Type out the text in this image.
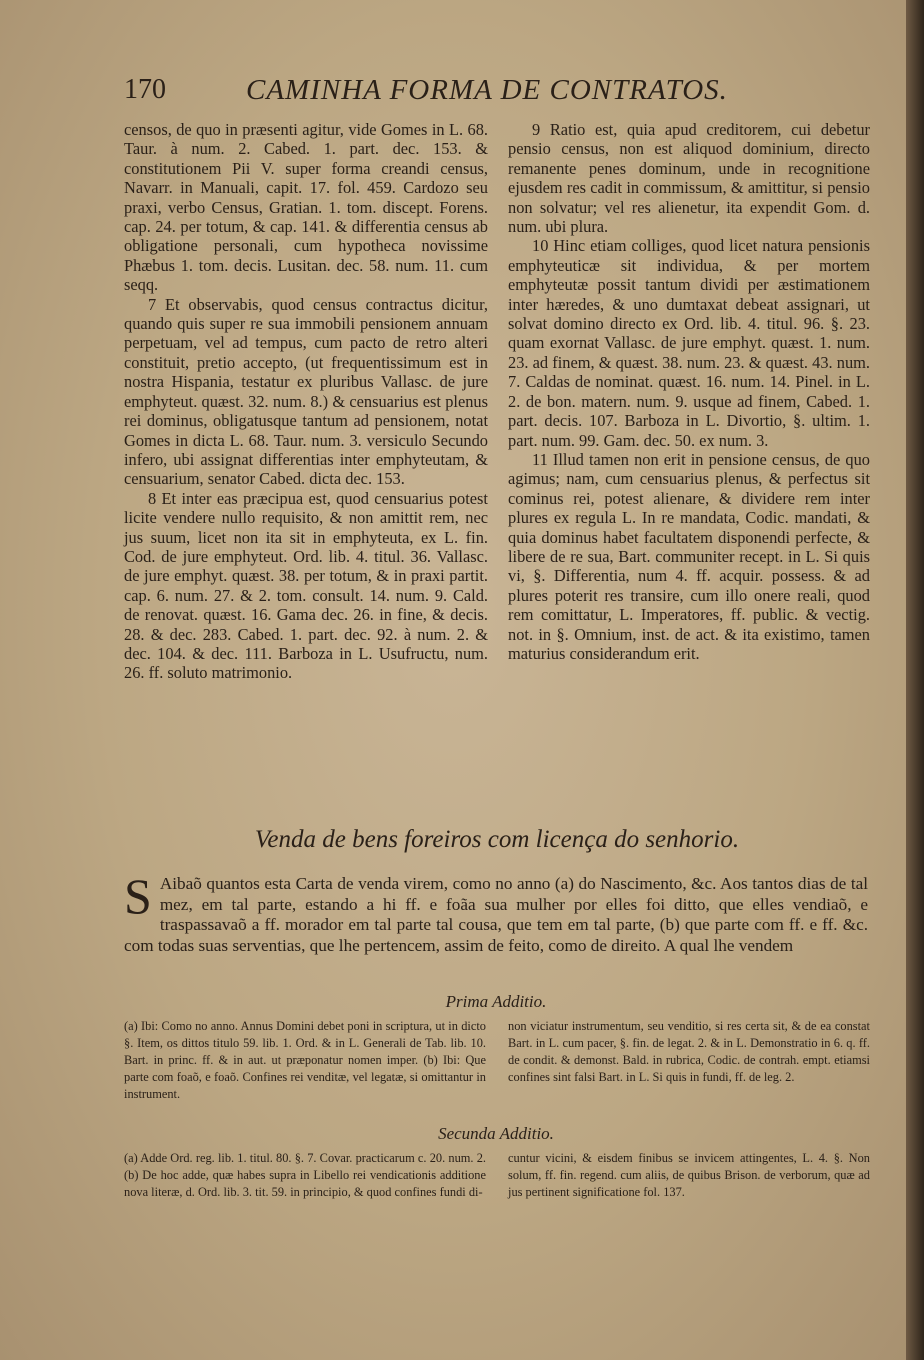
170	CAMINHA FORMA DE CONTRATOS.

censos, de quo in præsenti agitur, vide Gomes in L. 68. Taur. à num. 2. Cabed. 1. part. dec. 153. & constitutionem Pii V. super forma creandi census, Navarr. in Manuali, capit. 17. fol. 459. Cardozo seu praxi, verbo Census, Gratian. 1. tom. discept. Forens. cap. 24. per totum, & cap. 141. & differentia census ab obligatione personali, cum hypotheca novissime Phæbus 1. tom. decis. Lusitan. dec. 58. num. 11. cum seqq.

7 Et observabis, quod census contractus dicitur, quando quis super re sua immobili pensionem annuam perpetuam, vel ad tempus, cum pacto de retro alteri constituit, pretio accepto, (ut frequentissimum est in nostra Hispania, testatur ex pluribus Vallasc. de jure emphyteut. quæst. 32. num. 8.) & censuarius est plenus rei dominus, obligatusque tantum ad pensionem, notat Gomes in dicta L. 68. Taur. num. 3. versiculo Secundo infero, ubi assignat differentias inter emphyteutam, & censuarium, senator Cabed. dicta dec. 153.

8 Et inter eas præcipua est, quod censuarius potest licite vendere nullo requisito, & non amittit rem, nec jus suum, licet non ita sit in emphyteuta, ex L. fin. Cod. de jure emphyteut. Ord. lib. 4. titul. 36. Vallasc. de jure emphyt. quæst. 38. per totum, & in praxi partit. cap. 6. num. 27. & 2. tom. consult. 14. num. 9. Cald. de renovat. quæst. 16. Gama dec. 26. in fine, & decis. 28. & dec. 283. Cabed. 1. part. dec. 92. à num. 2. & dec. 104. & dec. 111. Barboza in L. Usufructu, num. 26. ff. soluto matrimonio.

9 Ratio est, quia apud creditorem, cui debetur pensio census, non est aliquod dominium, directo remanente penes dominum, unde in recognitione ejusdem res cadit in commissum, & amittitur, si pensio non solvatur; vel res alienetur, ita expendit Gom. d. num. ubi plura.

10 Hinc etiam colliges, quod licet natura pensionis emphyteuticæ sit individua, & per mortem emphyteutæ possit tantum dividi per æstimationem inter hæredes, & uno dumtaxat debeat assignari, ut solvat domino directo ex Ord. lib. 4. titul. 96. §. 23. quam exornat Vallasc. de jure emphyt. quæst. 1. num. 23. ad finem, & quæst. 38. num. 23. & quæst. 43. num. 7. Caldas de nominat. quæst. 16. num. 14. Pinel. in L. 2. de bon. matern. num. 9. usque ad finem, Cabed. 1. part. decis. 107. Barboza in L. Divortio, §. ultim. 1. part. num. 99. Gam. dec. 50. ex num. 3.

11 Illud tamen non erit in pensione census, de quo agimus; nam, cum censuarius plenus, & perfectus sit cominus rei, potest alienare, & dividere rem inter plures ex regula L. In re mandata, Codic. mandati, & quia dominus habet facultatem disponendi perfecte, & libere de re sua, Bart. communiter recept. in L. Si quis vi, §. Differentia, num 4. ff. acquir. possess. & ad plures poterit res transire, cum illo onere reali, quod rem comittatur, L. Imperatores, ff. public. & vectig. not. in §. Omnium, inst. de act. & ita existimo, tamen maturius considerandum erit.

Venda de bens foreiros com licença do senhorio.
S Aibaõ quantos esta Carta de venda virem, como no anno (a) do Nascimento, &c. Aos tantos dias de tal mez, em tal parte, estando a hi ff. e foãa sua mulher por elles foi ditto, que elles vendiaõ, e traspassavaõ a ff. morador em tal parte tal cousa, que tem em tal parte, (b) que parte com ff. e ff. &c. com todas suas serventias, que lhe pertencem, assim de feito, como de direito. A qual lhe vendem
Prima Additio.

(a) Ibi: Como no anno. Annus Domini debet poni in scriptura, ut in dicto §. Item, os dittos titulo 59. lib. 1. Ord. & in L. Generali de Tab. lib. 10. Bart. in princ. ff. & in aut. ut præponatur nomen imper. (b) Ibi: Que parte com foaõ, e foaõ. Confines rei venditæ, vel legatæ, si omittantur in instrument.

non viciatur instrumentum, seu venditio, si res certa sit, & de ea constat Bart. in L. cum pacer, §. fin. de legat. 2. & in L. Demonstratio in 6. q. ff. de condit. & demonst. Bald. in rubrica, Codic. de contrah. empt. etiamsi confines sint falsi Bart. in L. Si quis in fundi, ff. de leg. 2.

Secunda Additio.

(a) Adde Ord. reg. lib. 1. titul. 80. §. 7. Covar. practicarum c. 20. num. 2. (b) De hoc adde, quæ habes supra in Libello rei vendicationis additione nova literæ, d. Ord. lib. 3. tit. 59. in principio, & quod confines fundi di-

cuntur vicini, & eisdem finibus se invicem attingentes, L. 4. §. Non solum, ff. fin. regend. cum aliis, de quibus Brison. de verborum, quæ ad jus pertinent significatione fol. 137.
